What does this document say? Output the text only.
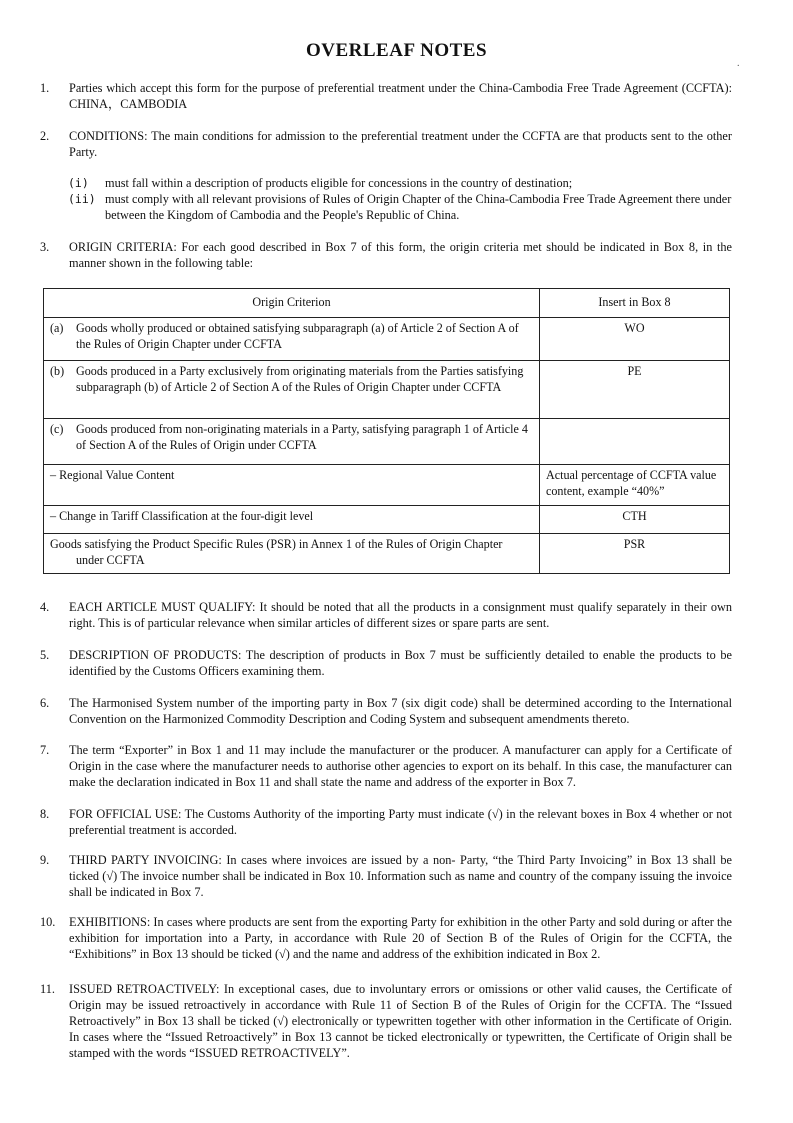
OVERLEAF NOTES
.
1.	Parties which accept this form for the purpose of preferential treatment under the China-Cambodia Free Trade Agreement (CCFTA): CHINA，CAMBODIA
2.	CONDITIONS: The main conditions for admission to the preferential treatment under the CCFTA are that products sent to the other Party.
(i) must fall within a description of products eligible for concessions in the country of destination;
(ii) must comply with all relevant provisions of Rules of Origin Chapter of the China-Cambodia Free Trade Agreement there under between the Kingdom of Cambodia and the People's Republic of China.
3.	ORIGIN CRITERIA: For each good described in Box 7 of this form, the origin criteria met should be indicated in Box 8, in the manner shown in the following table:
Origin Criterion	Insert in Box 8

(a) Goods wholly produced or obtained satisfying subparagraph (a) of Article 2 of Section A of the Rules of Origin Chapter under CCFTA	WO

(b) Goods produced in a Party exclusively from originating materials from the Parties satisfying subparagraph (b) of Article 2 of Section A of the Rules of Origin Chapter under CCFTA	PE

(c) Goods produced from non-originating materials in a Party, satisfying paragraph 1 of Article 4 of Section A of the Rules of Origin under CCFTA	

– Regional Value Content	Actual percentage of CCFTA value content, example “40%”
– Change in Tariff Classification at the four-digit level	CTH
Goods satisfying the Product Specific Rules (PSR) in Annex 1 of the Rules of Origin Chapter
under CCFTA	PSR
4.	EACH ARTICLE MUST QUALIFY: It should be noted that all the products in a consignment must qualify separately in their own right. This is of particular relevance when similar articles of different sizes or spare parts are sent.
5.	DESCRIPTION OF PRODUCTS: The description of products in Box 7 must be sufficiently detailed to enable the products to be identified by the Customs Officers examining them.
6.	The Harmonised System number of the importing party in Box 7 (six digit code) shall be determined according to the International Convention on the Harmonized Commodity Description and Coding System and subsequent amendments thereto.
7.	The term “Exporter” in Box 1 and 11 may include the manufacturer or the producer. A manufacturer can apply for a Certificate of Origin in the case where the manufacturer needs to authorise other agencies to export on its behalf. In this case, the manufacturer can make the declaration indicated in Box 11 and shall state the name and address of the exporter in Box 7.
8.	FOR OFFICIAL USE: The Customs Authority of the importing Party must indicate (√) in the relevant boxes in Box 4 whether or not preferential treatment is accorded.
9.	THIRD PARTY INVOICING: In cases where invoices are issued by a non- Party, “the Third Party Invoicing” in Box 13 shall be ticked (√) The invoice number shall be indicated in Box 10. Information such as name and country of the company issuing the invoice shall be indicated in Box 7.
10.	EXHIBITIONS: In cases where products are sent from the exporting Party for exhibition in the other Party and sold during or after the exhibition for importation into a Party, in accordance with Rule 20 of Section B of the Rules of Origin for the CCFTA, the “Exhibitions” in Box 13 should be ticked (√) and the name and address of the exhibition indicated in Box 2.
11.	ISSUED RETROACTIVELY: In exceptional cases, due to involuntary errors or omissions or other valid causes, the Certificate of Origin may be issued retroactively in accordance with Rule 11 of Section B of the Rules of Origin for the CCFTA. The “Issued Retroactively” in Box 13 shall be ticked (√) electronically or typewritten together with other information in the Certificate of Origin. In cases where the “Issued Retroactively” in Box 13 cannot be ticked electronically or typewritten, the Certificate of Origin shall be stamped with the words “ISSUED RETROACTIVELY”.
